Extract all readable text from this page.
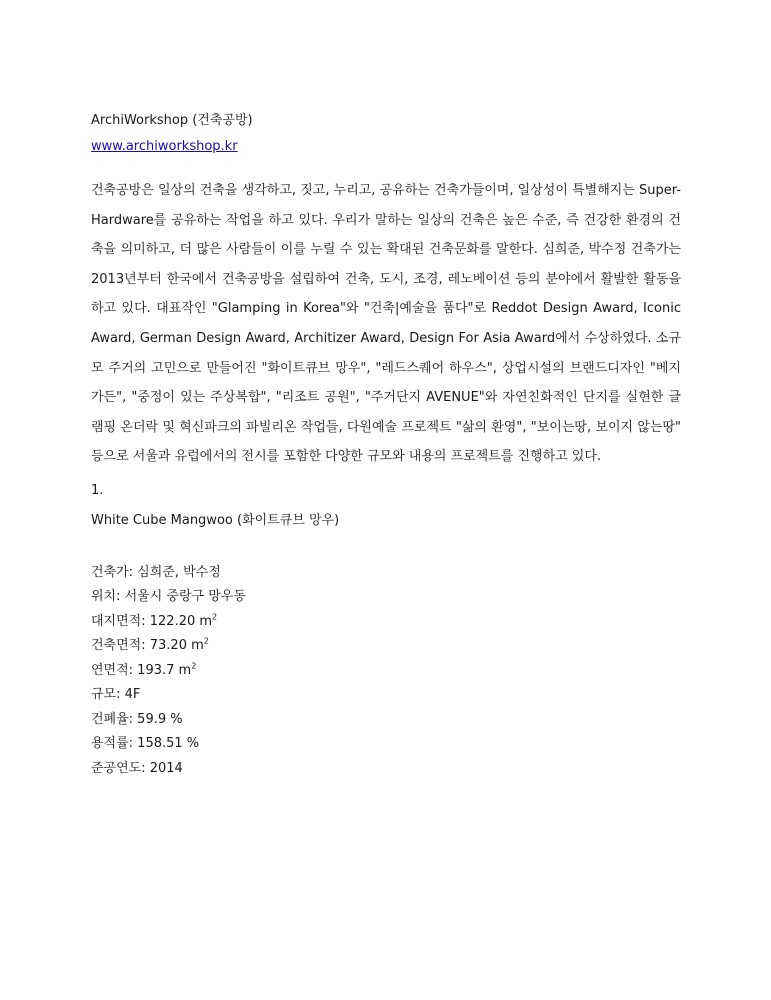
ArchiWorkshop (건축공방)
www.archiworkshop.kr
건축공방은 일상의 건축을 생각하고, 짓고, 누리고, 공유하는 건축가들이며, 일상성이 특별해지는 Super-Hardware를 공유하는 작업을 하고 있다. 우리가 말하는 일상의 건축은 높은 수준, 즉 건강한 환경의 건축을 의미하고, 더 많은 사람들이 이를 누릴 수 있는 확대된 건축문화를 말한다. 심희준, 박수정 건축가는 2013년부터 한국에서 건축공방을 설립하여 건축, 도시, 조경, 레노베이션 등의 분야에서 활발한 활동을 하고 있다. 대표작인 "Glamping in Korea"와 "건축|예술을 품다"로 Reddot Design Award, Iconic Award, German Design Award, Architizer Award, Design For Asia Award에서 수상하였다. 소규모 주거의 고민으로 만들어진 "화이트큐브 망우", "레드스퀘어 하우스", 상업시설의 브랜드디자인 "베지가든", "중정이 있는 주상복합", "리조트 공원", "주거단지 AVENUE"와 자연친화적인 단지를 실현한 글램핑 온더락 및 혁신파크의 파빌리온 작업들, 다원예술 프로젝트 "삶의 환영", "보이는땅, 보이지 않는땅" 등으로 서울과 유럽에서의 전시를 포함한 다양한 규모와 내용의 프로젝트를 진행하고 있다.
1.
White Cube Mangwoo (화이트큐브 망우)
건축가: 심희준, 박수정
위치: 서울시 중랑구 망우동
대지면적: 122.20 $m^2$
건축면적: 73.20 $m^2$
연면적: 193.7 $m^2$
규모: 4F
건폐율: 59.9 %
용적률: 158.51 %
준공연도: 2014
